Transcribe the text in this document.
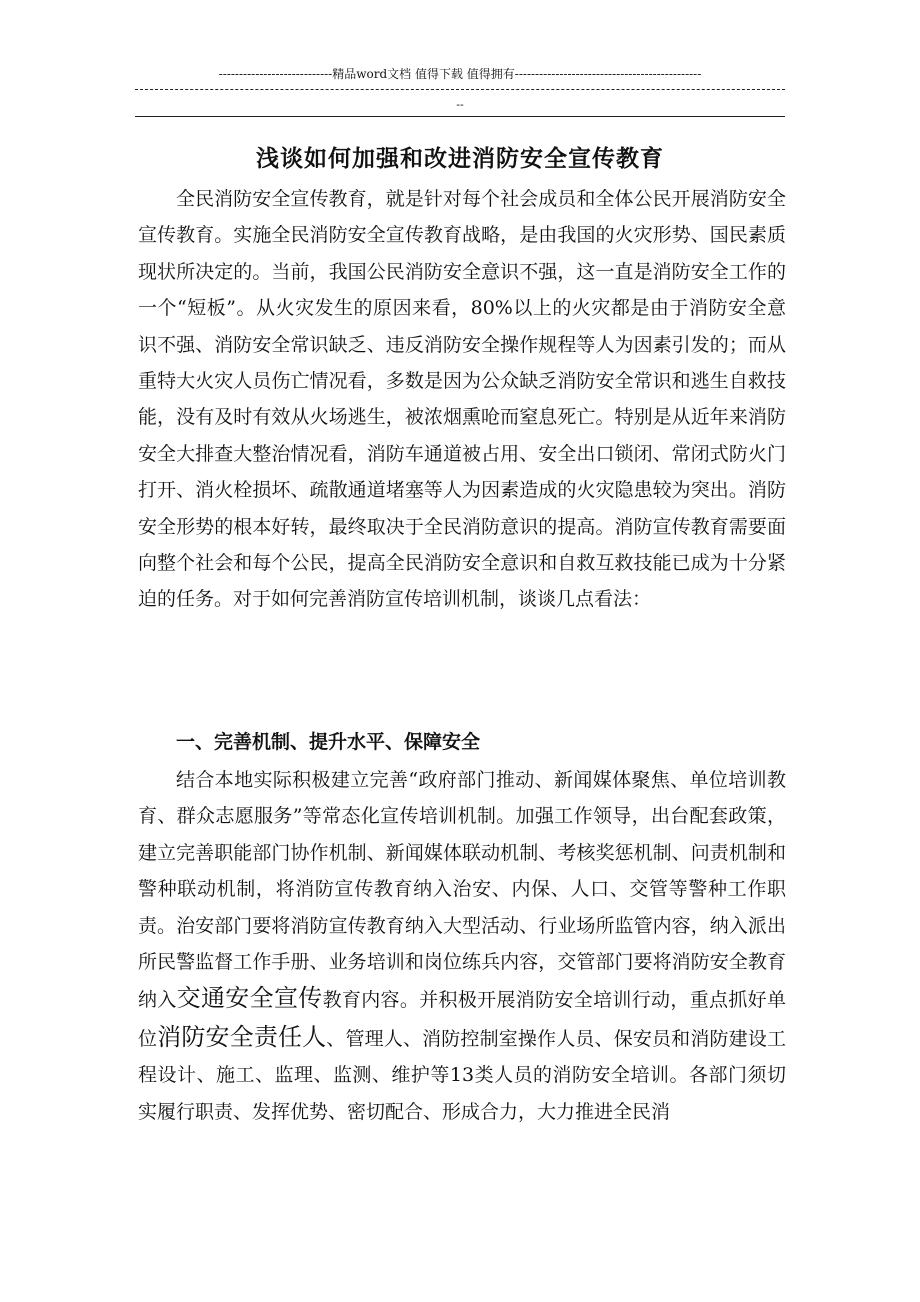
----------------------------精品word文档 值得下载 值得拥有----------------------------------------------
--
浅谈如何加强和改进消防安全宣传教育

全民消防安全宣传教育，就是针对每个社会成员和全体公民开展消防安全宣传教育。实施全民消防安全宣传教育战略，是由我国的火灾形势、国民素质现状所决定的。当前，我国公民消防安全意识不强，这一直是消防安全工作的一个“短板”。从火灾发生的原因来看，80%以上的火灾都是由于消防安全意识不强、消防安全常识缺乏、违反消防安全操作规程等人为因素引发的；而从重特大火灾人员伤亡情况看，多数是因为公众缺乏消防安全常识和逃生自救技能，没有及时有效从火场逃生，被浓烟熏呛而窒息死亡。特别是从近年来消防安全大排查大整治情况看，消防车通道被占用、安全出口锁闭、常闭式防火门打开、消火栓损坏、疏散通道堵塞等人为因素造成的火灾隐患较为突出。消防安全形势的根本好转，最终取决于全民消防意识的提高。消防宣传教育需要面向整个社会和每个公民，提高全民消防安全意识和自救互救技能已成为十分紧迫的任务。对于如何完善消防宣传培训机制，谈谈几点看法：

一、完善机制、提升水平、保障安全

结合本地实际积极建立完善“政府部门推动、新闻媒体聚焦、单位培训教育、群众志愿服务”等常态化宣传培训机制。加强工作领导，出台配套政策，建立完善职能部门协作机制、新闻媒体联动机制、考核奖惩机制、问责机制和警种联动机制，将消防宣传教育纳入治安、内保、人口、交管等警种工作职责。治安部门要将消防宣传教育纳入大型活动、行业场所监管内容，纳入派出所民警监督工作手册、业务培训和岗位练兵内容，交管部门要将消防安全教育纳入交通安全宣传教育内容。并积极开展消防安全培训行动，重点抓好单位消防安全责任人、管理人、消防控制室操作人员、保安员和消防建设工程设计、施工、监理、监测、维护等13类人员的消防安全培训。各部门须切实履行职责、发挥优势、密切配合、形成合力，大力推进全民消
